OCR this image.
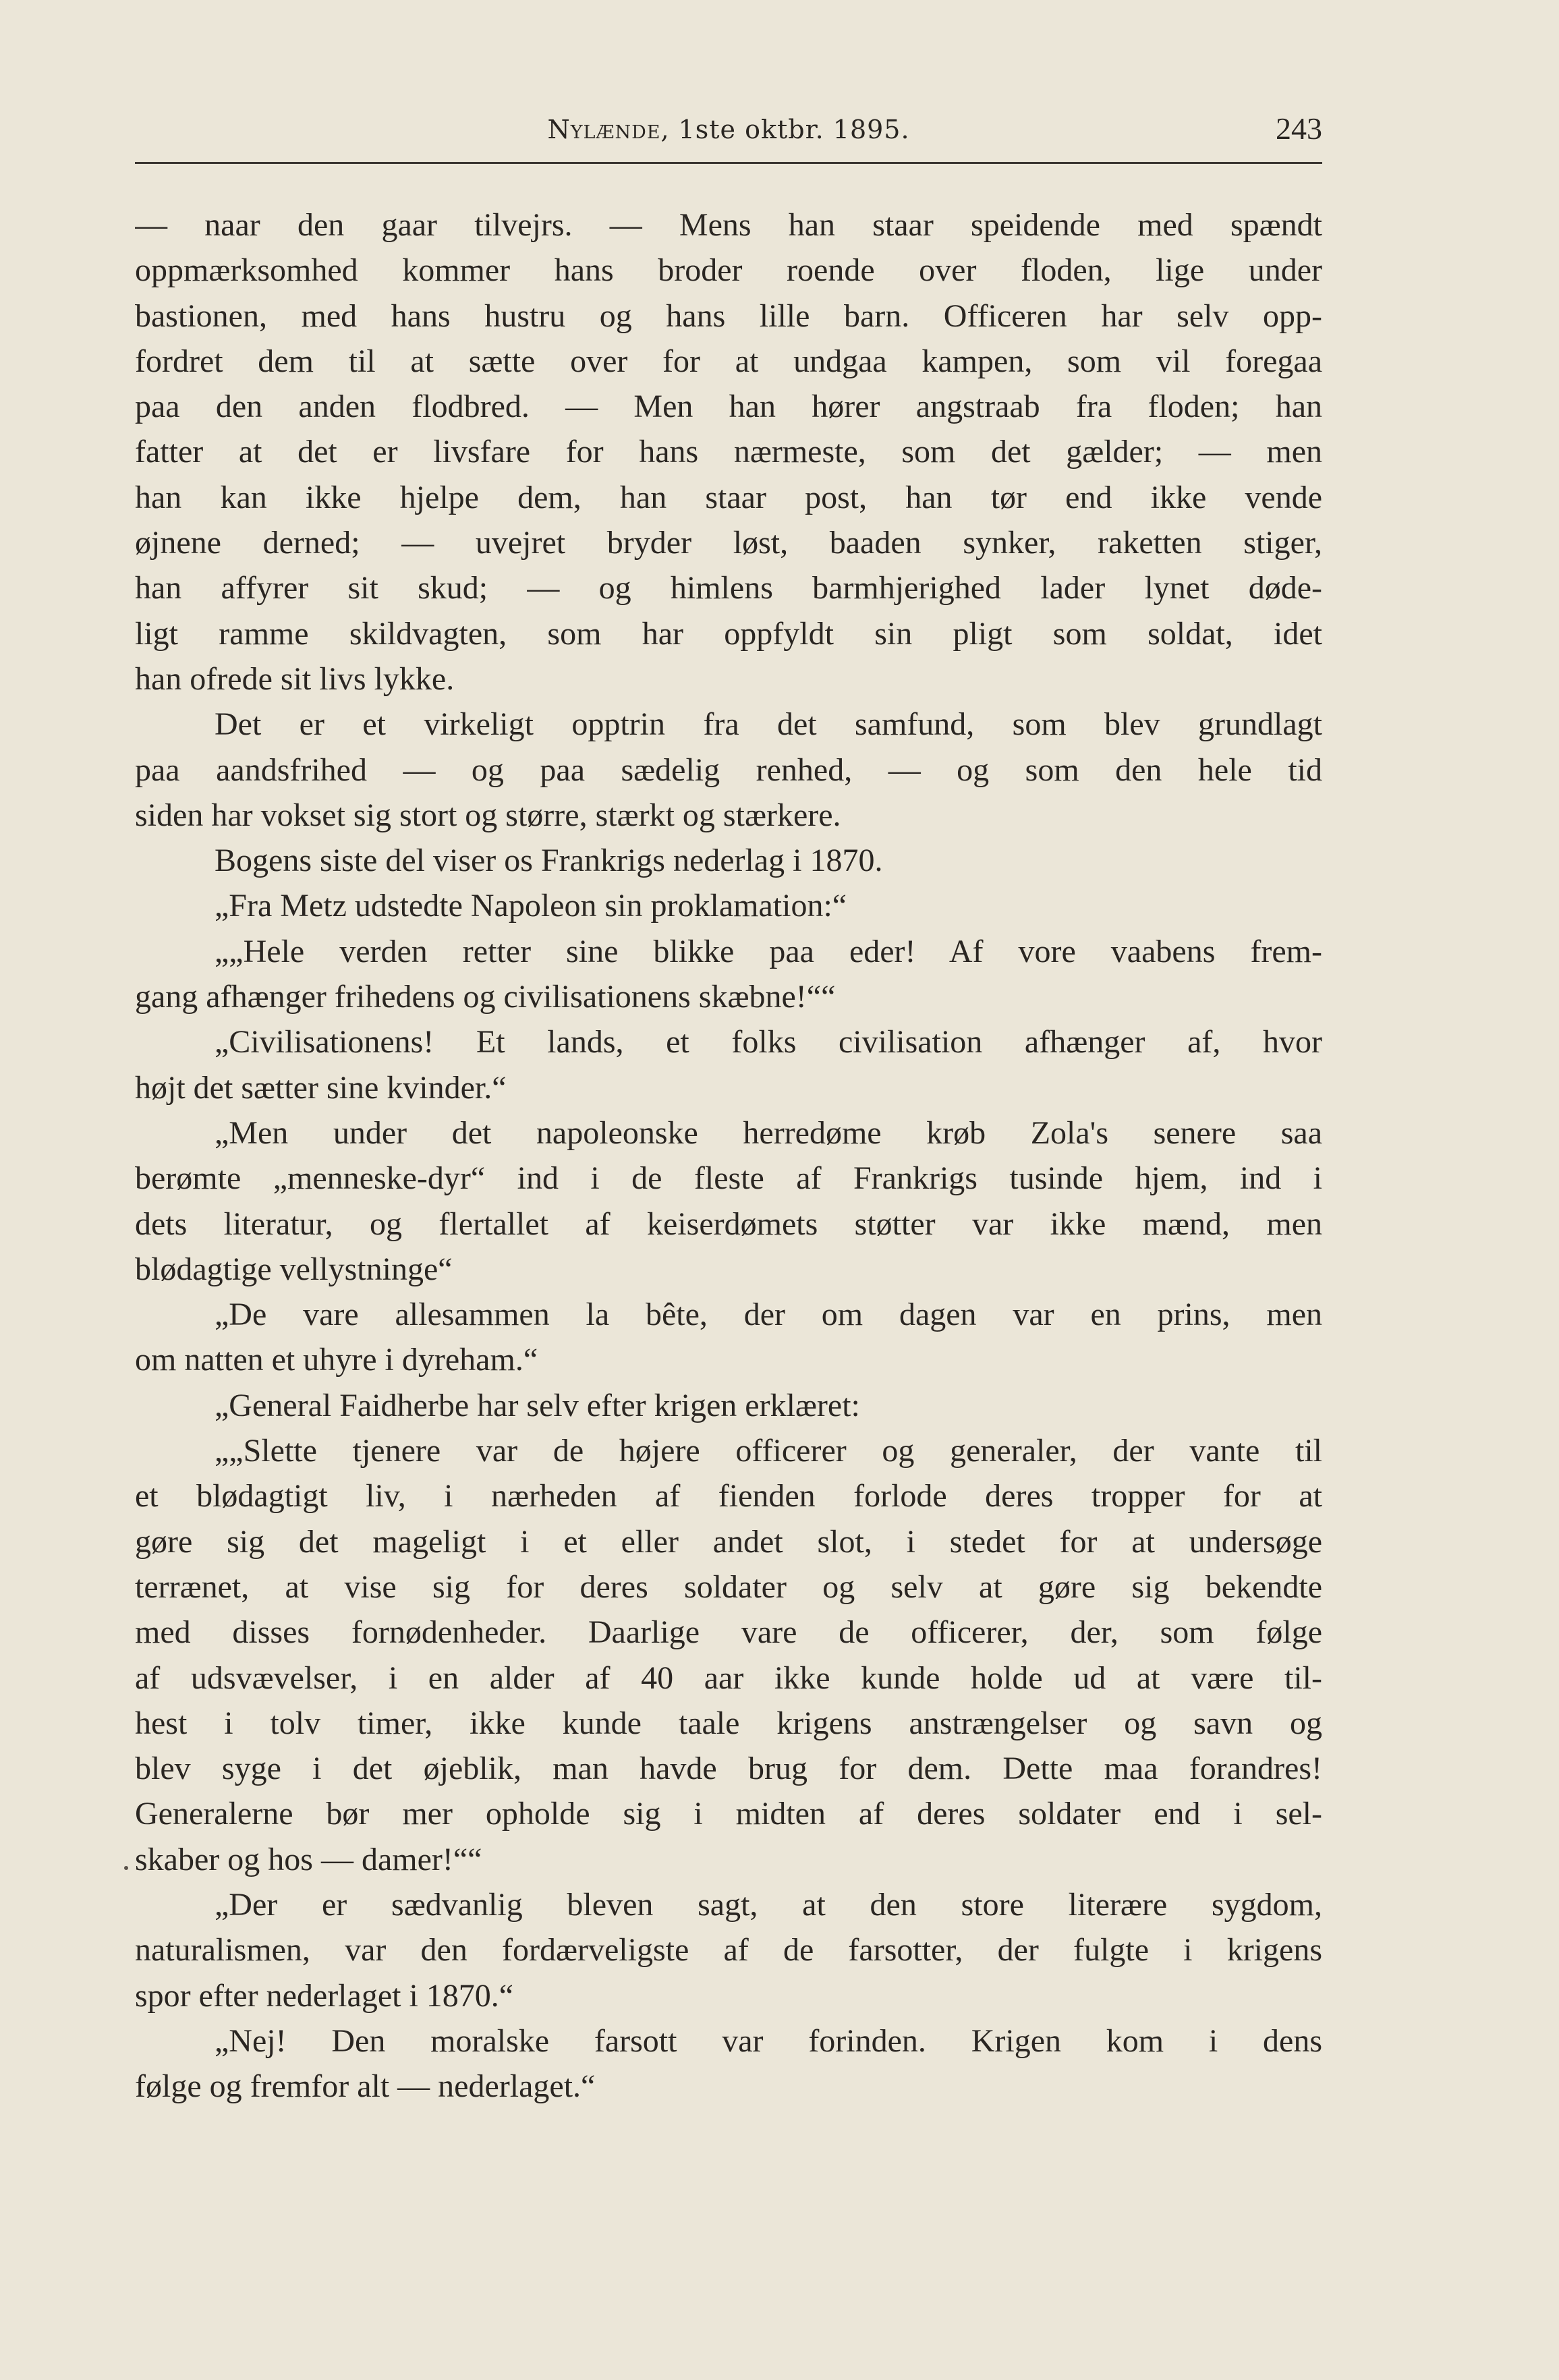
Nylænde, 1ste oktbr. 1895.	243
— naar den gaar tilvejrs. — Mens han staar speidende med spændt
oppmærksomhed kommer hans broder roende over floden, lige under
bastionen, med hans hustru og hans lille barn. Officeren har selv opp-
fordret dem til at sætte over for at undgaa kampen, som vil foregaa
paa den anden flodbred. — Men han hører angstraab fra floden; han
fatter at det er livsfare for hans nærmeste, som det gælder; — men
han kan ikke hjelpe dem, han staar post, han tør end ikke vende
øjnene derned; — uvejret bryder løst, baaden synker, raketten stiger,
han affyrer sit skud; — og himlens barmhjerighed lader lynet døde-
ligt ramme skildvagten, som har oppfyldt sin pligt som soldat, idet
han ofrede sit livs lykke.
Det er et virkeligt opptrin fra det samfund, som blev grundlagt
paa aandsfrihed — og paa sædelig renhed, — og som den hele tid
siden har vokset sig stort og større, stærkt og stærkere.
Bogens siste del viser os Frankrigs nederlag i 1870.
„Fra Metz udstedte Napoleon sin proklamation:“
„„Hele verden retter sine blikke paa eder! Af vore vaabens frem-
gang afhænger frihedens og civilisationens skæbne!““
„Civilisationens! Et lands, et folks civilisation afhænger af, hvor
højt det sætter sine kvinder.“
„Men under det napoleonske herredøme krøb Zola's senere saa
berømte „menneske-dyr“ ind i de fleste af Frankrigs tusinde hjem, ind i
dets literatur, og flertallet af keiserdømets støtter var ikke mænd, men
blødagtige vellystninge“
„De vare allesammen la bête, der om dagen var en prins, men
om natten et uhyre i dyreham.“
„General Faidherbe har selv efter krigen erklæret:
„„Slette tjenere var de højere officerer og generaler, der vante til
et blødagtigt liv, i nærheden af fienden forlode deres tropper for at
gøre sig det mageligt i et eller andet slot, i stedet for at undersøge
terrænet, at vise sig for deres soldater og selv at gøre sig bekendte
med disses fornødenheder. Daarlige vare de officerer, der, som følge
af udsvævelser, i en alder af 40 aar ikke kunde holde ud at være til-
hest i tolv timer, ikke kunde taale krigens anstrængelser og savn og
blev syge i det øjeblik, man havde brug for dem. Dette maa forandres!
Generalerne bør mer opholde sig i midten af deres soldater end i sel-
skaber og hos — damer!““
„Der er sædvanlig bleven sagt, at den store literære sygdom,
naturalismen, var den fordærveligste af de farsotter, der fulgte i krigens
spor efter nederlaget i 1870.“
„Nej! Den moralske farsott var forinden. Krigen kom i dens
følge og fremfor alt — nederlaget.“
